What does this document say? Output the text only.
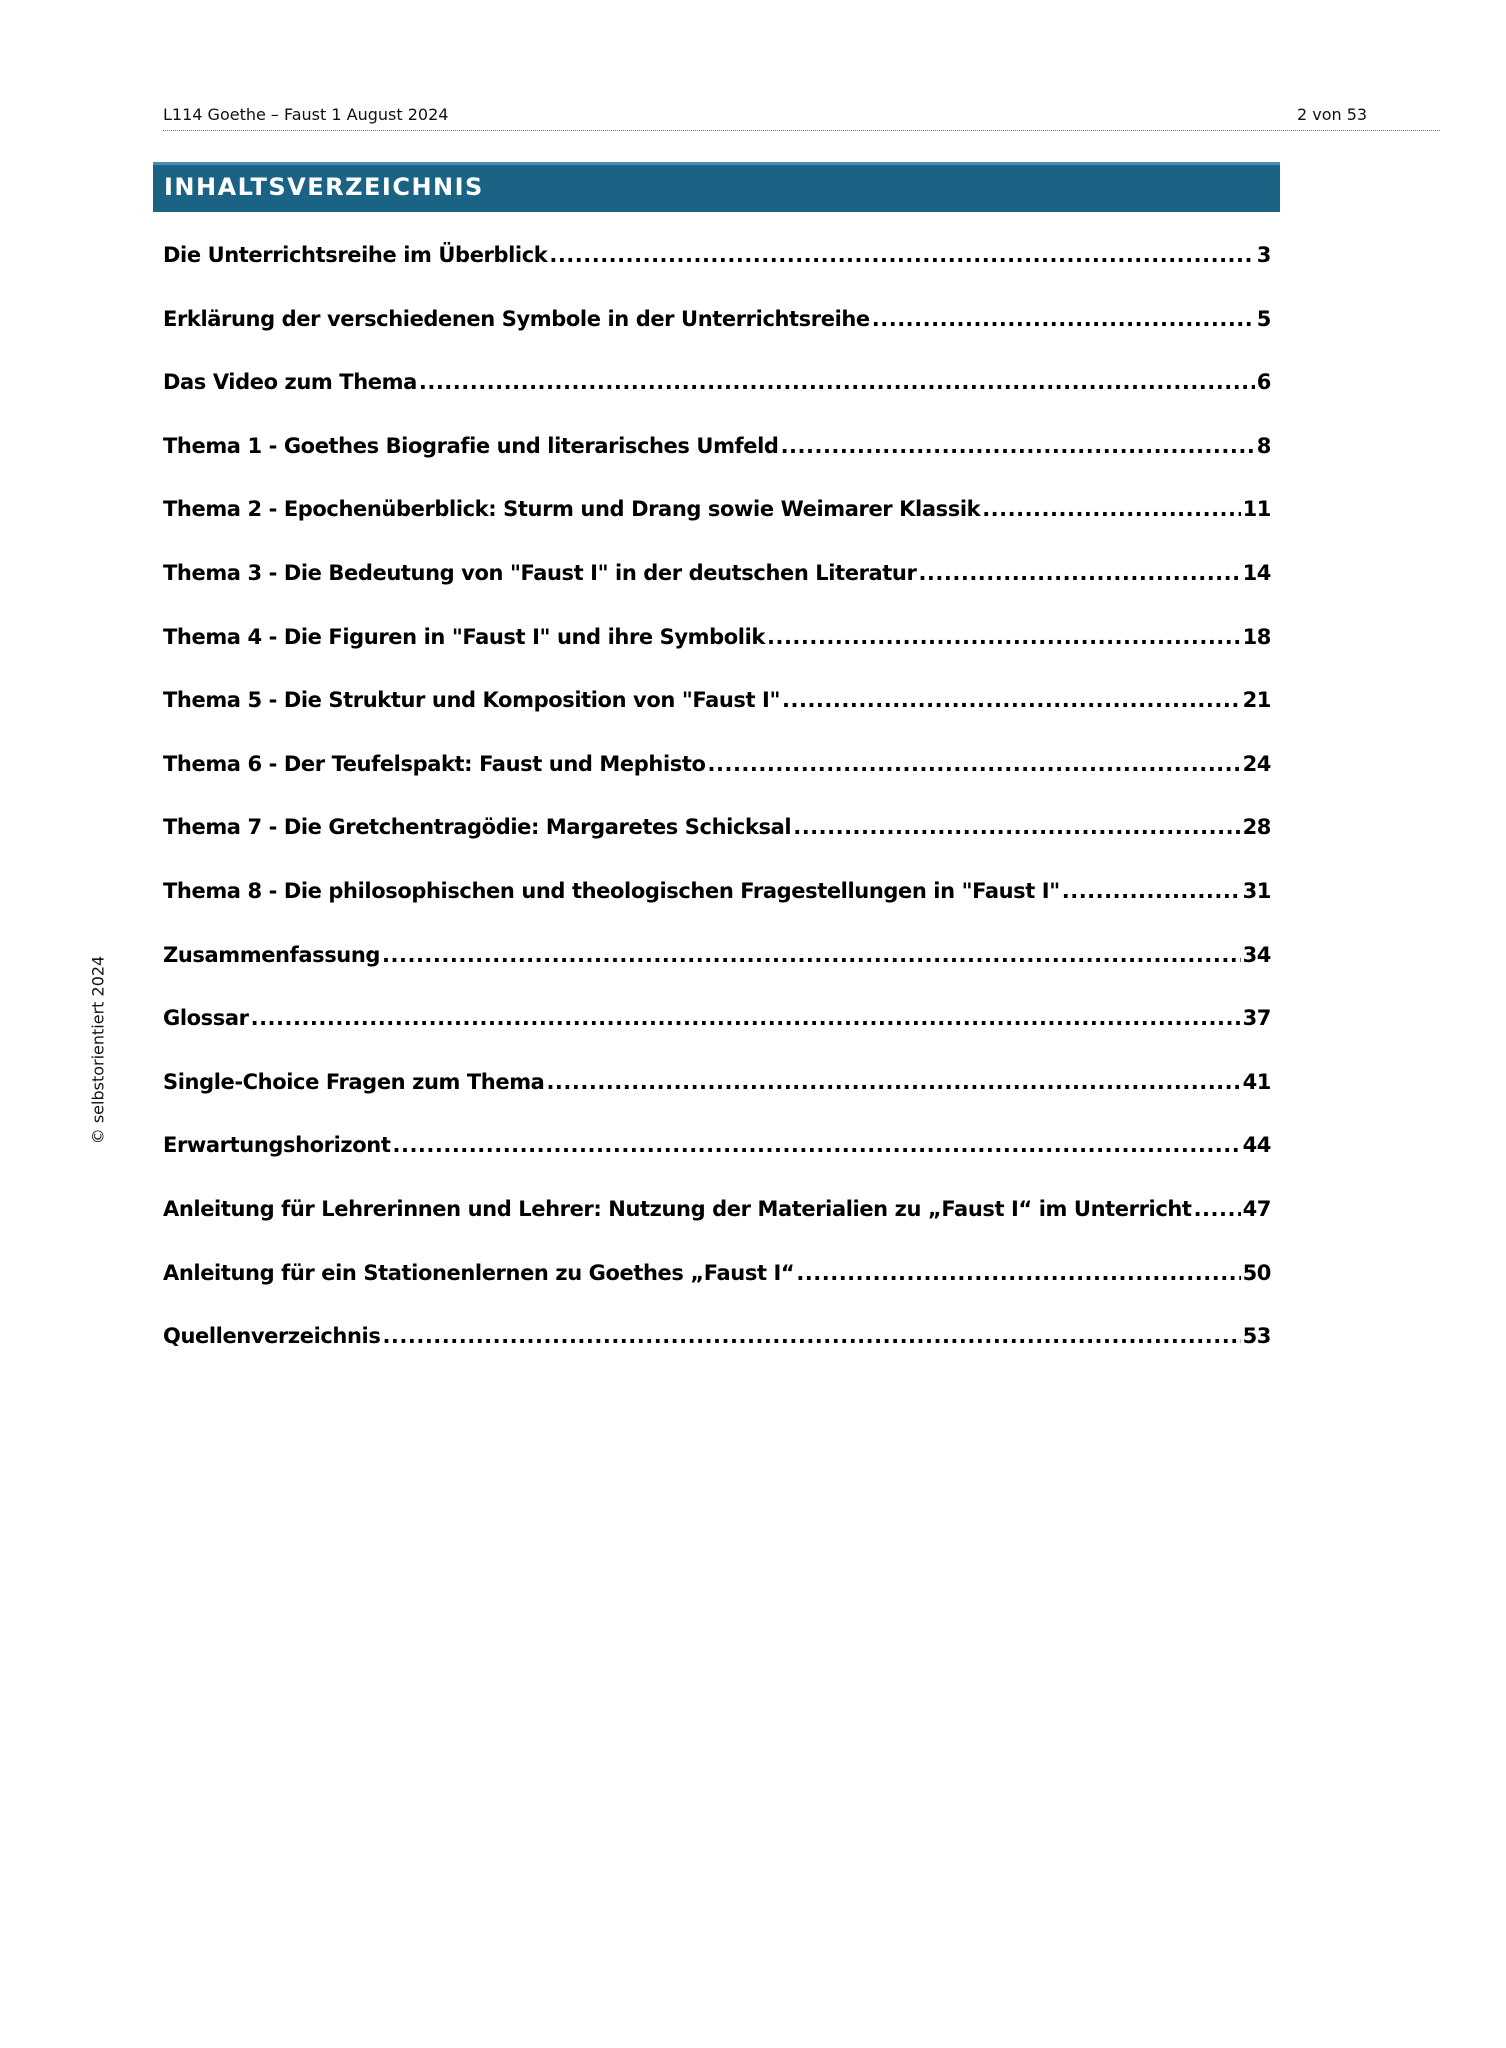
L114 Goethe – Faust 1 August 2024	2 von 53
INHALTSVERZEICHNIS
Die Unterrichtsreihe im Überblick .....	3
Erklärung der verschiedenen Symbole in der Unterrichtsreihe .....	5
Das Video zum Thema .....	6
Thema 1 - Goethes Biografie und literarisches Umfeld .....	8
Thema 2 - Epochenüberblick: Sturm und Drang sowie Weimarer Klassik .....	11
Thema 3 - Die Bedeutung von "Faust I" in der deutschen Literatur .....	14
Thema 4 - Die Figuren in "Faust I" und ihre Symbolik .....	18
Thema 5 - Die Struktur und Komposition von "Faust I" .....	21
Thema 6 - Der Teufelspakt: Faust und Mephisto .....	24
Thema 7 - Die Gretchentragödie: Margaretes Schicksal .....	28
Thema 8 - Die philosophischen und theologischen Fragestellungen in "Faust I" .....	31
Zusammenfassung .....	34
Glossar .....	37
Single-Choice Fragen zum Thema .....	41
Erwartungshorizont .....	44
Anleitung für Lehrerinnen und Lehrer: Nutzung der Materialien zu „Faust I“ im Unterricht ..... 47
Anleitung für ein Stationenlernen zu Goethes „Faust I“ .....	50
Quellenverzeichnis .....	53
© selbstorientiert 2024
